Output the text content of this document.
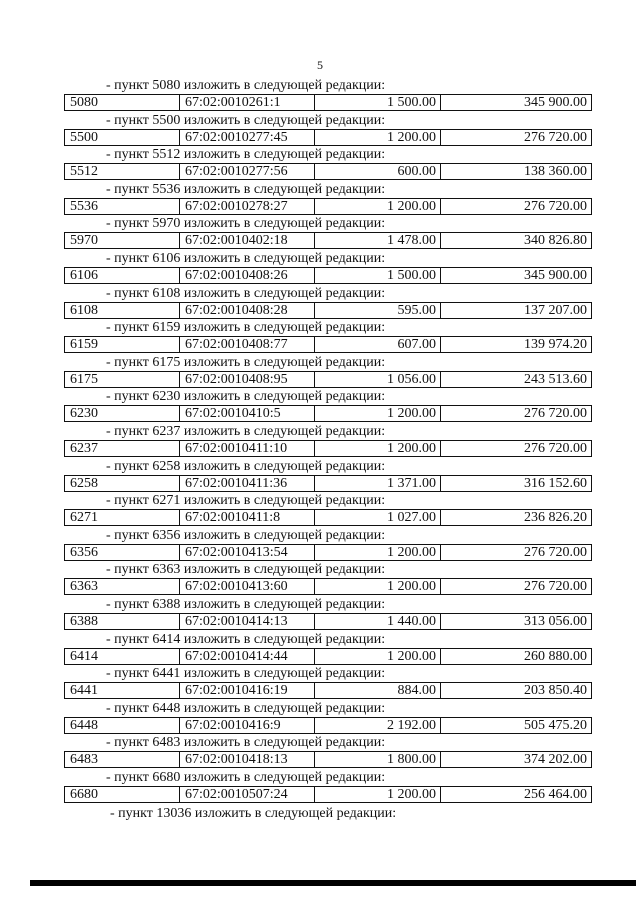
5
- пункт 5080 изложить в следующей редакции:
5080	67:02:0010261:1	1 500.00	345 900.00
- пункт 5500 изложить в следующей редакции:
5500	67:02:0010277:45	1 200.00	276 720.00
- пункт 5512 изложить в следующей редакции:
5512	67:02:0010277:56	600.00	138 360.00
- пункт 5536 изложить в следующей редакции:
5536	67:02:0010278:27	1 200.00	276 720.00
- пункт 5970 изложить в следующей редакции:
5970	67:02:0010402:18	1 478.00	340 826.80
- пункт 6106 изложить в следующей редакции:
6106	67:02:0010408:26	1 500.00	345 900.00
- пункт 6108 изложить в следующей редакции:
6108	67:02:0010408:28	595.00	137 207.00
- пункт 6159 изложить в следующей редакции:
6159	67:02:0010408:77	607.00	139 974.20
- пункт 6175 изложить в следующей редакции:
6175	67:02:0010408:95	1 056.00	243 513.60
- пункт 6230 изложить в следующей редакции:
6230	67:02:0010410:5	1 200.00	276 720.00
- пункт 6237 изложить в следующей редакции:
6237	67:02:0010411:10	1 200.00	276 720.00
- пункт 6258 изложить в следующей редакции:
6258	67:02:0010411:36	1 371.00	316 152.60
- пункт 6271 изложить в следующей редакции:
6271	67:02:0010411:8	1 027.00	236 826.20
- пункт 6356 изложить в следующей редакции:
6356	67:02:0010413:54	1 200.00	276 720.00
- пункт 6363 изложить в следующей редакции:
6363	67:02:0010413:60	1 200.00	276 720.00
- пункт 6388 изложить в следующей редакции:
6388	67:02:0010414:13	1 440.00	313 056.00
- пункт 6414 изложить в следующей редакции:
6414	67:02:0010414:44	1 200.00	260 880.00
- пункт 6441 изложить в следующей редакции:
6441	67:02:0010416:19	884.00	203 850.40
- пункт 6448 изложить в следующей редакции:
6448	67:02:0010416:9	2 192.00	505 475.20
- пункт 6483 изложить в следующей редакции:
6483	67:02:0010418:13	1 800.00	374 202.00
- пункт 6680 изложить в следующей редакции:
6680	67:02:0010507:24	1 200.00	256 464.00
- пункт 13036 изложить в следующей редакции:
